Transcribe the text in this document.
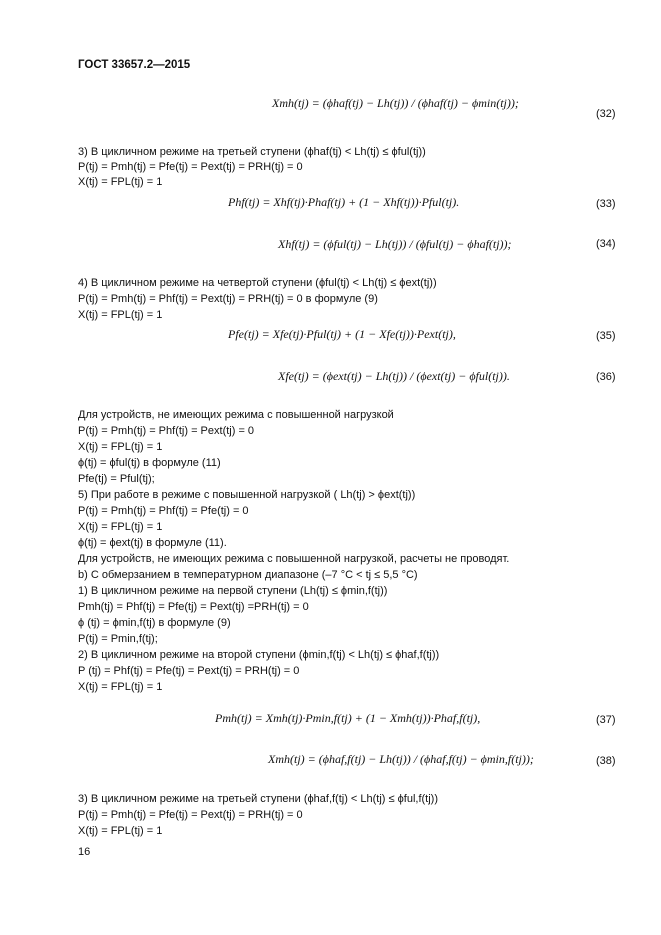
ГОСТ 33657.2—2015
Xmh(tj) = (ϕhaf(tj) − Lh(tj)) / (ϕhaf(tj) − ϕmin(tj));
(32)
3) В цикличном режиме на третьей ступени (ϕhaf(tj) < Lh(tj) ≤ ϕful(tj))
P(tj) = Pmh(tj) = Pfe(tj) = Pext(tj) = PRH(tj) = 0
X(tj) = FPL(tj) = 1
Phf(tj) = Xhf(tj)·Phaf(tj) + (1 − Xhf(tj))·Pful(tj).	(33)
Xhf(tj) = (ϕful(tj) − Lh(tj)) / (ϕful(tj) − ϕhaf(tj));	(34)
4) В цикличном режиме на четвертой ступени (ϕful(tj) < Lh(tj) ≤ ϕext(tj))
P(tj) = Pmh(tj) = Phf(tj) = Pext(tj) = PRH(tj) = 0 в формуле (9)
X(tj) = FPL(tj) = 1
Pfe(tj) = Xfe(tj)·Pful(tj) + (1 − Xfe(tj))·Pext(tj),	(35)
Xfe(tj) = (ϕext(tj) − Lh(tj)) / (ϕext(tj) − ϕful(tj)).	(36)
Для устройств, не имеющих режима с повышенной нагрузкой
P(tj) = Pmh(tj) = Phf(tj) = Pext(tj) = 0
X(tj) = FPL(tj) = 1
ϕ(tj) = ϕful(tj) в формуле (11)
Pfe(tj) = Pful(tj);
5) При работе в режиме с повышенной нагрузкой ( Lh(tj) > ϕext(tj))
P(tj) = Pmh(tj) = Phf(tj) = Pfe(tj) = 0
X(tj) = FPL(tj) = 1
ϕ(tj) = ϕext(tj) в формуле (11).
Для устройств, не имеющих режима с повышенной нагрузкой, расчеты не проводят.
b) С обмерзанием в температурном диапазоне (–7 °C < tj ≤ 5,5 °C)
1) В цикличном режиме на первой ступени (Lh(tj) ≤ ϕmin,f(tj))
Pmh(tj) = Phf(tj) = Pfe(tj) = Pext(tj) =PRH(tj) = 0
ϕ (tj) = ϕmin,f(tj) в формуле (9)
P(tj) = Pmin,f(tj);
2) В цикличном режиме на второй ступени (ϕmin,f(tj) < Lh(tj) ≤ ϕhaf,f(tj))
P (tj) = Phf(tj) = Pfe(tj) = Pext(tj) = PRH(tj) = 0
X(tj) = FPL(tj) = 1
Pmh(tj) = Xmh(tj)·Pmin,f(tj) + (1 − Xmh(tj))·Phaf,f(tj),	(37)
Xmh(tj) = (ϕhaf,f(tj) − Lh(tj)) / (ϕhaf,f(tj) − ϕmin,f(tj));	(38)
3) В цикличном режиме на третьей ступени (ϕhaf,f(tj) < Lh(tj) ≤ ϕful,f(tj))
P(tj) = Pmh(tj) = Pfe(tj) = Pext(tj) = PRH(tj) = 0
X(tj) = FPL(tj) = 1
16
